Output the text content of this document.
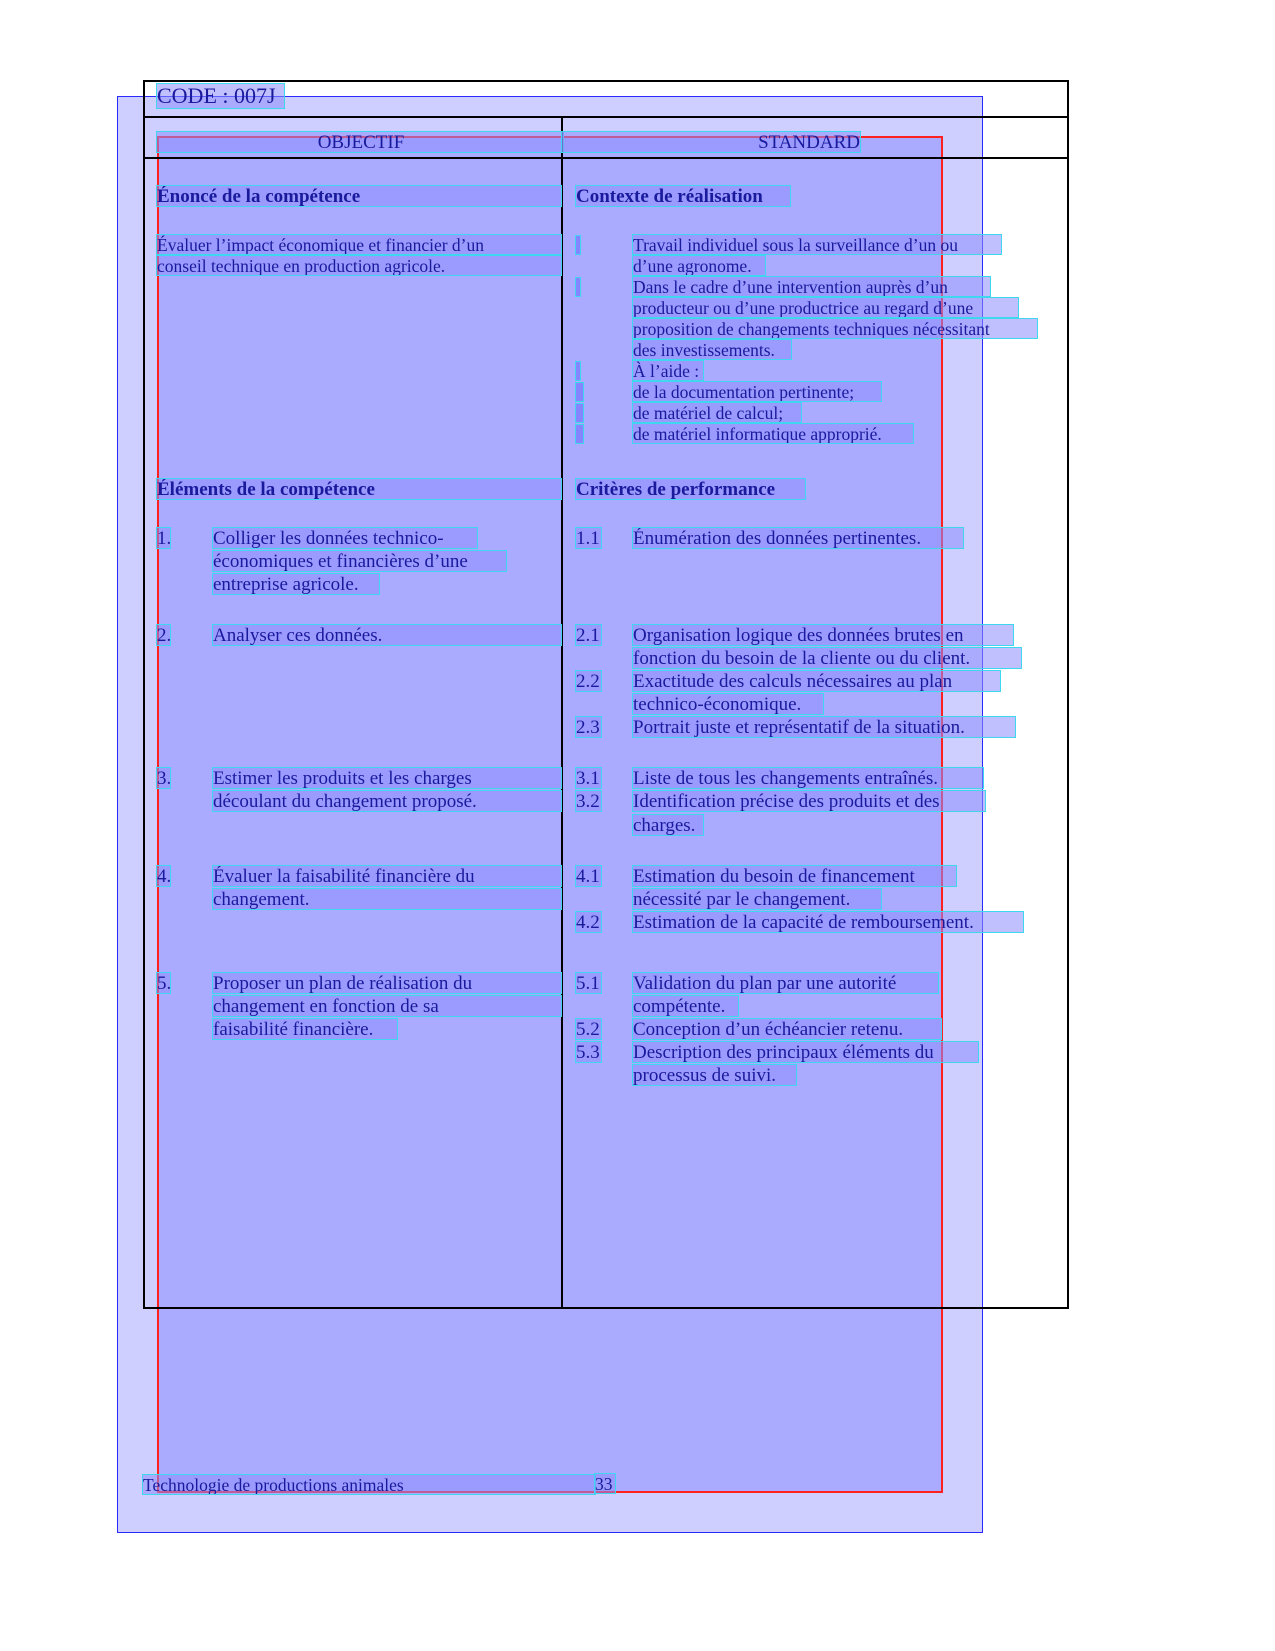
CODE : 007J
OBJECTIF	STANDARD
Énoncé de la compétence
Évaluer l’impact économique et financier d’un
conseil technique en production agricole.
Éléments de la compétence
1. Colliger les données technico-
économiques et financières d’une
entreprise agricole.
2. Analyser ces données.
3. Estimer les produits et les charges
découlant du changement proposé.
4. Évaluer la faisabilité financière du
changement.
5. Proposer un plan de réalisation du
changement en fonction de sa
faisabilité financière.
Contexte de réalisation
Travail individuel sous la surveillance d’un ou
d’une agronome.
Dans le cadre d’une intervention auprès d’un
producteur ou d’une productrice au regard d’une
proposition de changements techniques nécessitant
des investissements.
À l’aide :
de la documentation pertinente;
de matériel de calcul;
de matériel informatique approprié.
Critères de performance
1.1 Énumération des données pertinentes.
2.1 Organisation logique des données brutes en
fonction du besoin de la cliente ou du client.
2.2 Exactitude des calculs nécessaires au plan
technico-économique.
2.3 Portrait juste et représentatif de la situation.
3.1 Liste de tous les changements entraînés.
3.2 Identification précise des produits et des
charges.
4.1 Estimation du besoin de financement
nécessité par le changement.
4.2 Estimation de la capacité de remboursement.
5.1 Validation du plan par une autorité
compétente.
5.2 Conception d’un échéancier retenu.
5.3 Description des principaux éléments du
processus de suivi.
Technologie de productions animales	33
